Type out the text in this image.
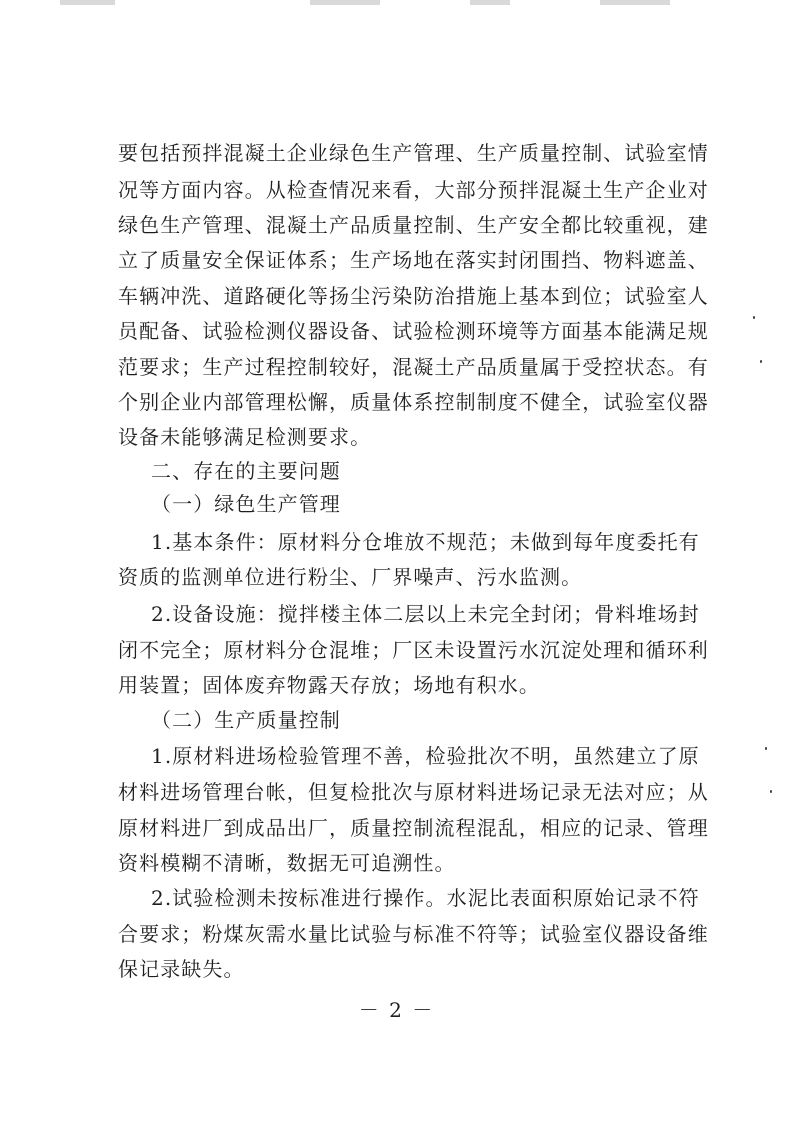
要包括预拌混凝土企业绿色生产管理、生产质量控制、试验室情
况等方面内容。从检查情况来看，大部分预拌混凝土生产企业对
绿色生产管理、混凝土产品质量控制、生产安全都比较重视，建
立了质量安全保证体系；生产场地在落实封闭围挡、物料遮盖、
车辆冲洗、道路硬化等扬尘污染防治措施上基本到位；试验室人
员配备、试验检测仪器设备、试验检测环境等方面基本能满足规
范要求；生产过程控制较好，混凝土产品质量属于受控状态。有
个别企业内部管理松懈，质量体系控制制度不健全，试验室仪器
设备未能够满足检测要求。
二、存在的主要问题
（一）绿色生产管理
1.基本条件：原材料分仓堆放不规范；未做到每年度委托有
资质的监测单位进行粉尘、厂界噪声、污水监测。
2.设备设施：搅拌楼主体二层以上未完全封闭；骨料堆场封
闭不完全；原材料分仓混堆；厂区未设置污水沉淀处理和循环利
用装置；固体废弃物露天存放；场地有积水。
（二）生产质量控制
1.原材料进场检验管理不善，检验批次不明，虽然建立了原
材料进场管理台帐，但复检批次与原材料进场记录无法对应；从
原材料进厂到成品出厂，质量控制流程混乱，相应的记录、管理
资料模糊不清晰，数据无可追溯性。
2.试验检测未按标准进行操作。水泥比表面积原始记录不符
合要求；粉煤灰需水量比试验与标准不符等；试验室仪器设备维
保记录缺失。
－ 2 －
